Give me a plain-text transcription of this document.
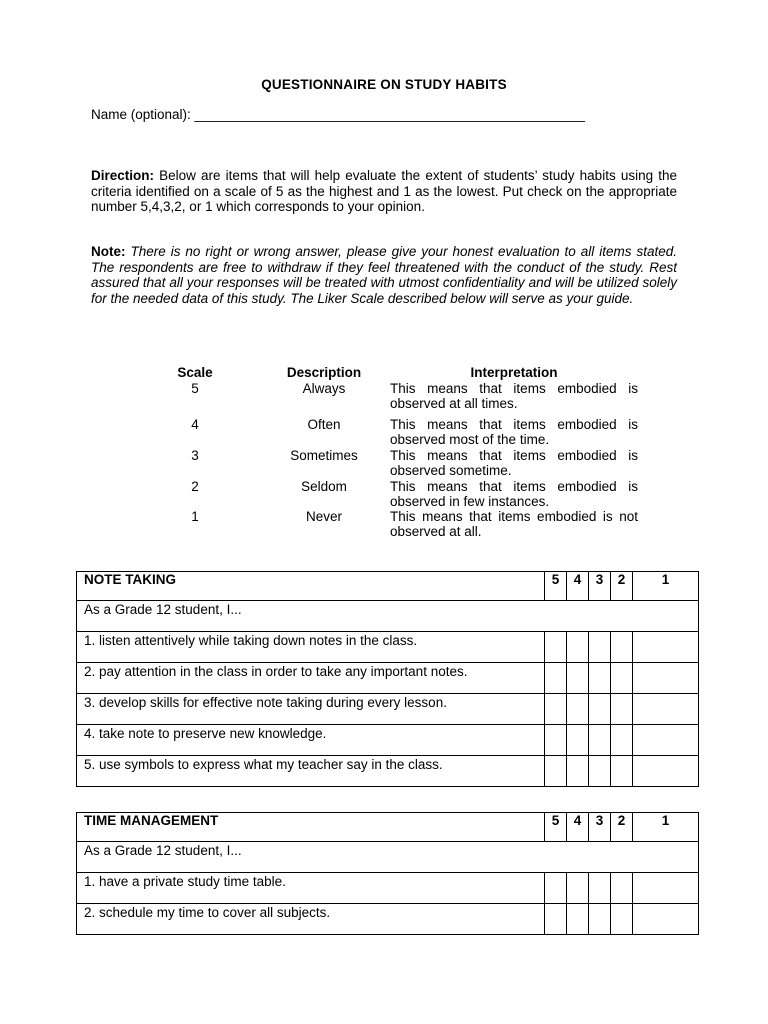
QUESTIONNAIRE ON STUDY HABITS
Name (optional): ____________________________________________________

Direction: Below are items that will help evaluate the extent of students’ study habits using the criteria identified on a scale of 5 as the highest and 1 as the lowest. Put check on the appropriate number 5,4,3,2, or 1 which corresponds to your opinion.

Note: There is no right or wrong answer, please give your honest evaluation to all items stated. The respondents are free to withdraw if they feel threatened with the conduct of the study. Rest assured that all your responses will be treated with utmost confidentiality and will be utilized solely for the needed data of this study. The Liker Scale described below will serve as your guide.

Scale	Description	Interpretation
5	Always	This means that items embodied is observed at all times.
4	Often	This means that items embodied is observed most of the time.
3	Sometimes	This means that items embodied is observed sometime.
2	Seldom	This means that items embodied is observed in few instances.
1	Never	This means that items embodied is not observed at all.
NOTE TAKING	5	4	3	2	1
As a Grade 12 student, I...					
1. listen attentively while taking down notes in the class.					
2. pay attention in the class in order to take any important notes.					
3. develop skills for effective note taking during every lesson.					
4. take note to preserve new knowledge.					
5. use symbols to express what my teacher say in the class.					
TIME MANAGEMENT	5	4	3	2	1
As a Grade 12 student, I...					
1. have a private study time table.					
2. schedule my time to cover all subjects.					
